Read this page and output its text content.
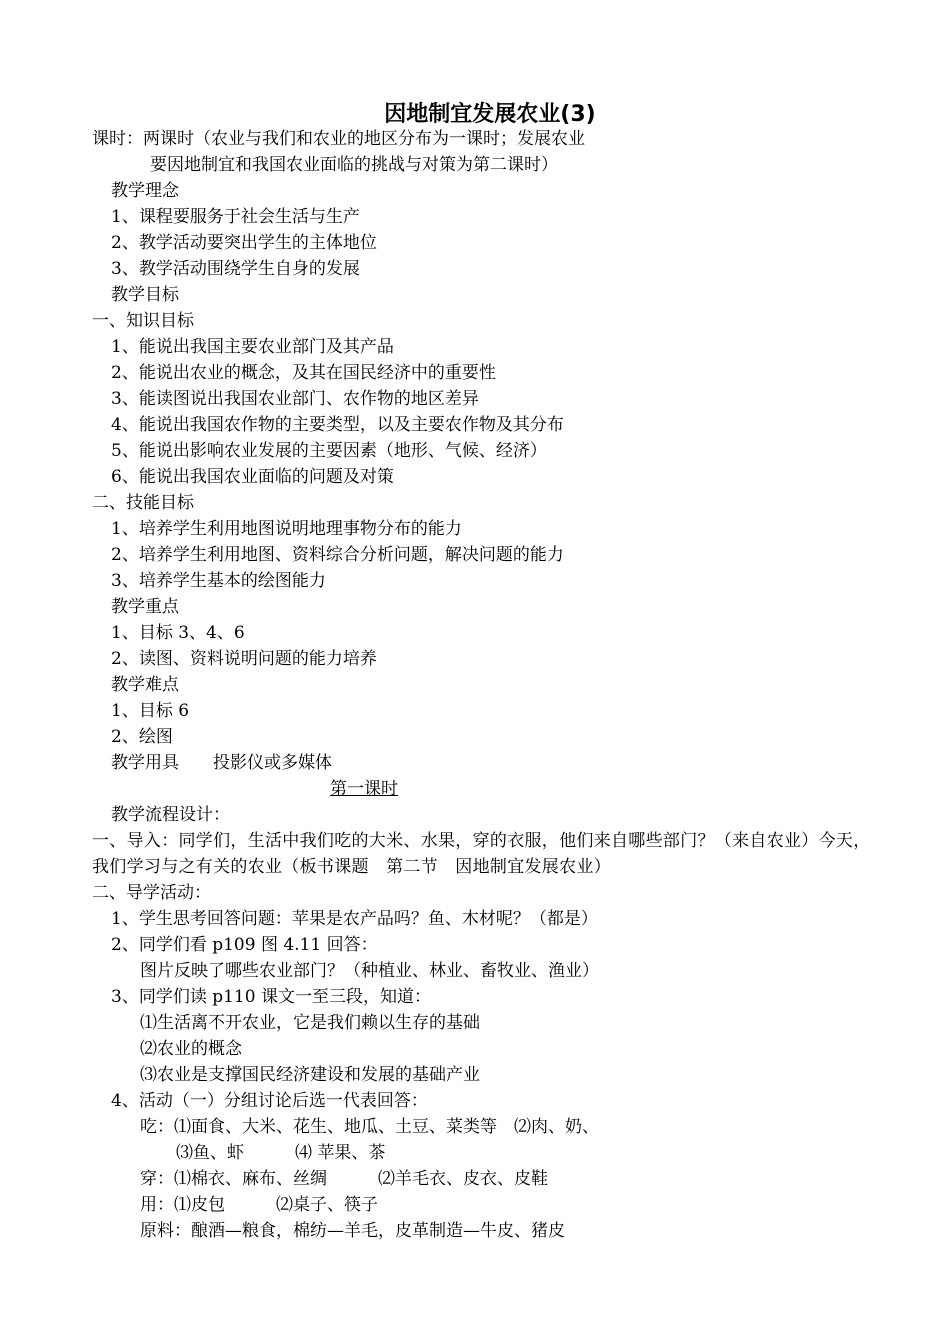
因地制宜发展农业(3)
课时：两课时（农业与我们和农业的地区分布为一课时；发展农业
要因地制宜和我国农业面临的挑战与对策为第二课时）
教学理念
1、课程要服务于社会生活与生产
2、教学活动要突出学生的主体地位
3、教学活动围绕学生自身的发展
教学目标
一、知识目标
1、能说出我国主要农业部门及其产品
2、能说出农业的概念，及其在国民经济中的重要性
3、能读图说出我国农业部门、农作物的地区差异
4、能说出我国农作物的主要类型，以及主要农作物及其分布
5、能说出影响农业发展的主要因素（地形、气候、经济）
6、能说出我国农业面临的问题及对策
二、技能目标
1、培养学生利用地图说明地理事物分布的能力
2、培养学生利用地图、资料综合分析问题，解决问题的能力
3、培养学生基本的绘图能力
教学重点
1、目标 3、4、6
2、读图、资料说明问题的能力培养
教学难点
1、目标 6
2、绘图
教学用具　　投影仪或多媒体
第一课时
教学流程设计：
一、导入：同学们，生活中我们吃的大米、水果，穿的衣服，他们来自哪些部门？（来自农业）今天，我们学习与之有关的农业（板书课题　第二节　因地制宜发展农业）
二、导学活动：
1、学生思考回答问题：苹果是农产品吗？鱼、木材呢？（都是）
2、同学们看 p109 图 4.11 回答：
图片反映了哪些农业部门？（种植业、林业、畜牧业、渔业）
3、同学们读 p110 课文一至三段，知道：
⑴生活离不开农业，它是我们赖以生存的基础
⑵农业的概念
⑶农业是支撑国民经济建设和发展的基础产业
4、活动（一）分组讨论后选一代表回答：
吃：⑴面食、大米、花生、地瓜、土豆、菜类等　⑵肉、奶、
⑶鱼、虾　　　⑷ 苹果、茶
穿：⑴棉衣、麻布、丝绸　　　⑵羊毛衣、皮衣、皮鞋
用：⑴皮包　　　⑵桌子、筷子
原料：酿酒—粮食，棉纺—羊毛，皮革制造—牛皮、猪皮
